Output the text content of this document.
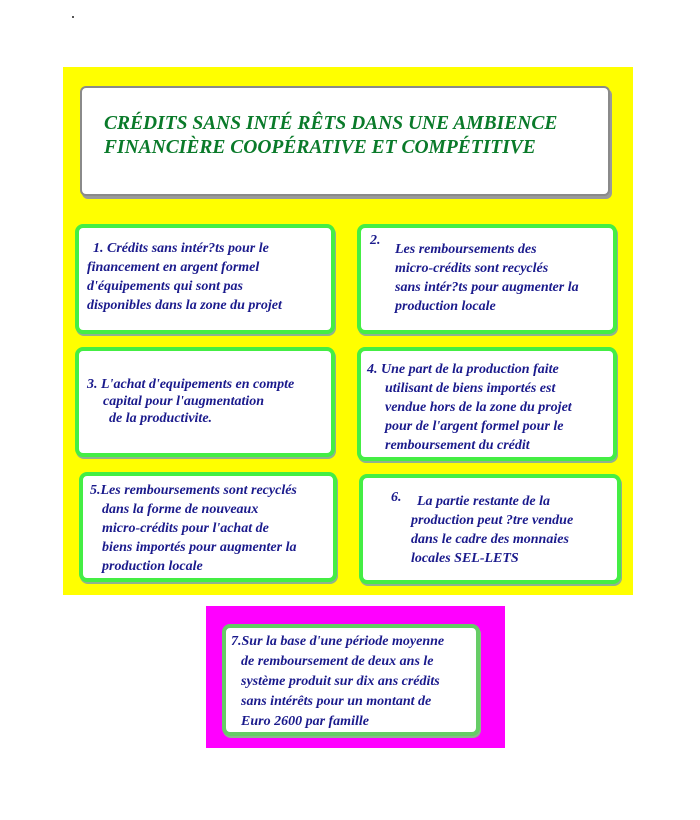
CRÉDITS SANS INTÉ RÊTS DANS UNE AMBIENCE
FINANCIÈRE COOPÉRATIVE ET COMPÉTITIVE

1. Crédits sans intér?ts pour le
financement en argent formel
d'équipements qui sont pas
disponibles dans la zone du projet

2.

Les remboursements des
micro-crédits sont recyclés
sans intér?ts pour augmenter la
production locale

3. L'achat d'equipements en compte
capital pour l'augmentation
de la productivite.

4. Une part de la production faite
utilisant de biens importés est
vendue hors de la zone du projet
pour de l'argent formel pour le
remboursement du crédit

5.Les remboursements sont recyclés
dans la forme de nouveaux
micro-crédits pour l'achat de
biens importés pour augmenter la
production locale

6. La partie restante de la
production peut ?tre vendue
dans le cadre des monnaies
locales SEL-LETS

7.Sur la base d'une période moyenne
de remboursement de deux ans le
système produit sur dix ans crédits
sans intérêts pour un montant de
Euro 2600 par famille
